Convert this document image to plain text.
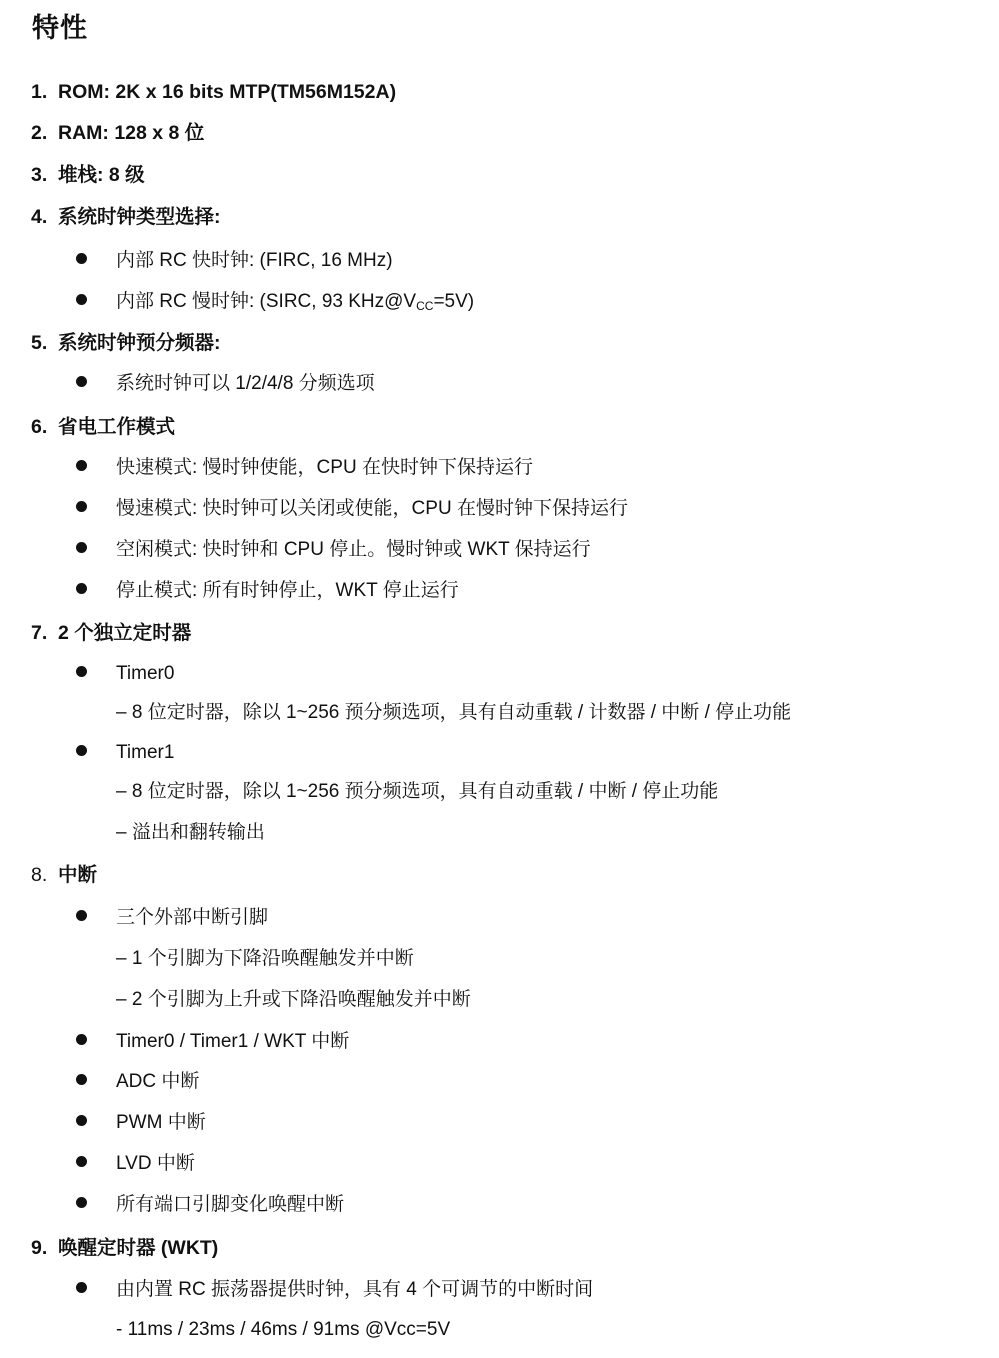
特性
1. ROM: 2K x 16 bits MTP(TM56M152A)
2. RAM: 128 x 8 位
3. 堆栈: 8 级
4. 系统时钟类型选择:
内部 RC 快时钟: (FIRC, 16 MHz)
内部 RC 慢时钟: (SIRC, 93 $KHz@V_{CC}=5V$)
5. 系统时钟预分频器:
系统时钟可以 1/2/4/8 分频选项
6. 省电工作模式
快速模式: 慢时钟使能，CPU 在快时钟下保持运行
慢速模式: 快时钟可以关闭或使能，CPU 在慢时钟下保持运行
空闲模式: 快时钟和 CPU 停止。慢时钟或 WKT 保持运行
停止模式: 所有时钟停止，WKT 停止运行
7. 2 个独立定时器
Timer0
– 8 位定时器，除以 1~256 预分频选项，具有自动重载 / 计数器 / 中断 / 停止功能
Timer1
– 8 位定时器，除以 1~256 预分频选项，具有自动重载 / 中断 / 停止功能
– 溢出和翻转输出
8. 中断
三个外部中断引脚
– 1 个引脚为下降沿唤醒触发并中断
– 2 个引脚为上升或下降沿唤醒触发并中断
Timer0 / Timer1 / WKT 中断
ADC 中断
PWM 中断
LVD 中断
所有端口引脚变化唤醒中断
9. 唤醒定时器 (WKT)
由内置 RC 振荡器提供时钟，具有 4 个可调节的中断时间
- 11ms / 23ms / 46ms / 91ms @Vcc=5V
